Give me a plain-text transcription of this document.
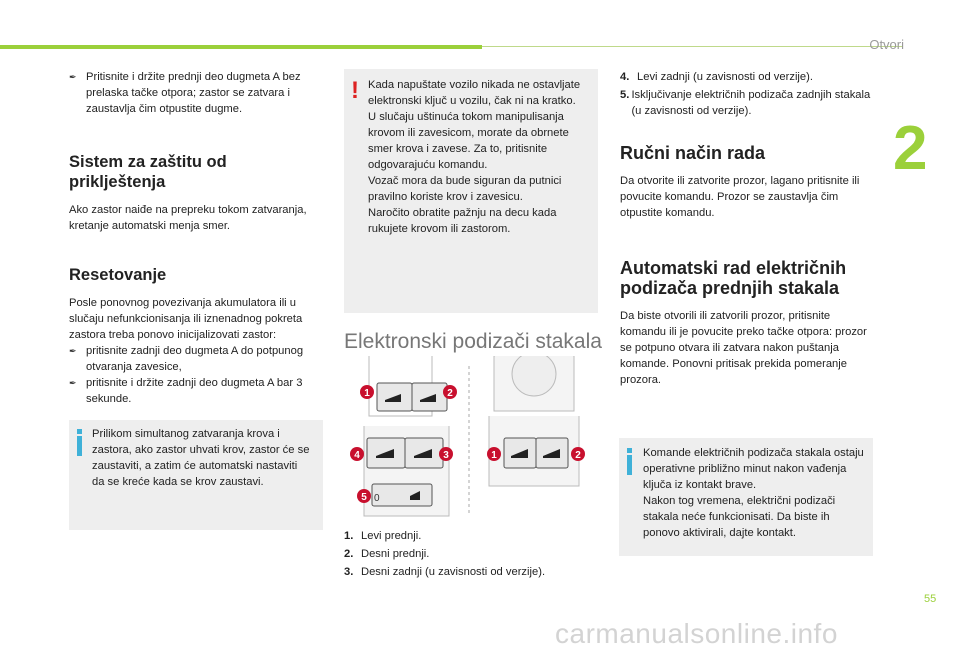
Otvori
2
55
carmanualsonline.info
✒ Pritisnite i držite prednji deo dugmeta A bez prelaska tačke otpora; zastor se zatvara i zaustavlja čim otpustite dugme.
Sistem za zaštitu od priklještenja

Ako zastor naiđe na prepreku tokom zatvaranja, kretanje automatski menja smer.

Resetovanje

Posle ponovnog povezivanja akumulatora ili u slučaju nefunkcionisanja ili iznenadnog pokreta zastora treba ponovo inicijalizovati zastor:

✒ pritisnite zadnji deo dugmeta A do potpunog otvaranja zavesice,
✒ pritisnite i držite zadnji deo dugmeta A bar 3 sekunde.
Prilikom simultanog zatvaranja krova i zastora, ako zastor uhvati krov, zastor će se zaustaviti, a zatim će automatski nastaviti da se kreće kada se krov zaustavi.
! Kada napuštate vozilo nikada ne ostavljate elektronski ključ u vozilu, čak ni na kratko.
U slučaju uštinuća tokom manipulisanja krovom ili zavesicom, morate da obrnete smer krova i zavese. Za to, pritisnite odgovarajuću komandu.
Vozač mora da bude siguran da putnici pravilno koriste krov i zavesicu.
Naročito obratite pažnju na decu kada rukujete krovom ili zastorom.
Elektronski podizači stakala
0
1	2
4	3
5
1	2
1. Levi prednji.
2. Desni prednji.
3. Desni zadnji (u zavisnosti od verzije).
4. Levi zadnji (u zavisnosti od verzije).
5. Isključivanje električnih podizača zadnjih stakala (u zavisnosti od verzije).
Ručni način rada

Da otvorite ili zatvorite prozor, lagano pritisnite ili povucite komandu. Prozor se zaustavlja čim otpustite komandu.

Automatski rad električnih podizača prednjih stakala

Da biste otvorili ili zatvorili prozor, pritisnite komandu ili je povucite preko tačke otpora: prozor se potpuno otvara ili zatvara nakon puštanja komande. Ponovni pritisak prekida pomeranje prozora.

Komande električnih podizača stakala ostaju operativne približno minut nakon vađenja ključa iz kontakt brave.
Nakon tog vremena, električni podizači stakala neće funkcionisati. Da biste ih ponovo aktivirali, dajte kontakt.
